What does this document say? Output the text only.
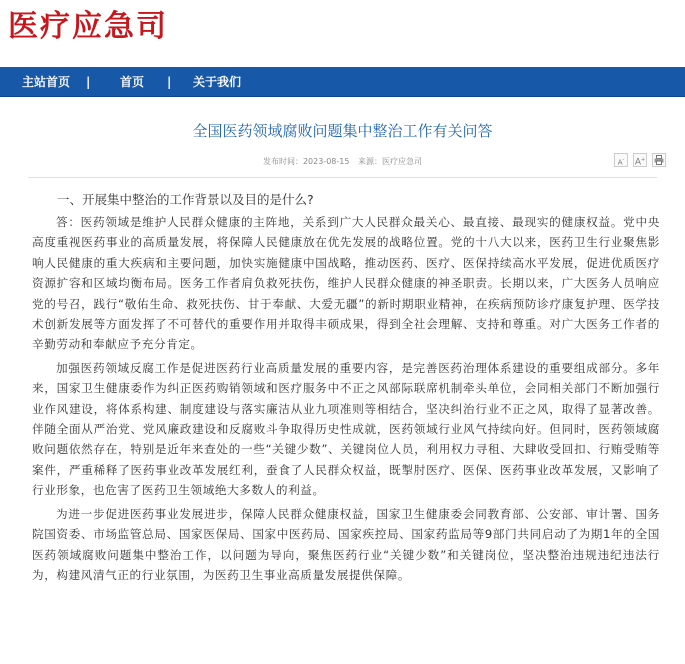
医疗应急司
主站首页 | 首页 | 关于我们
全国医药领域腐败问题集中整治工作有关问答
发布时间：2023-08-15 来源：医疗应急司	A-	A+
一、开展集中整治的工作背景以及目的是什么?

答：医药领域是维护人民群众健康的主阵地，关系到广大人民群众最关心、最直接、最现实的健康权益。党中央高度重视医药事业的高质量发展，将保障人民健康放在优先发展的战略位置。党的十八大以来，医药卫生行业聚焦影响人民健康的重大疾病和主要问题，加快实施健康中国战略，推动医药、医疗、医保持续高水平发展，促进优质医疗资源扩容和区域均衡布局。医务工作者肩负救死扶伤，维护人民群众健康的神圣职责。长期以来，广大医务人员响应党的号召，践行“敬佑生命、救死扶伤、甘于奉献、大爱无疆”的新时期职业精神，在疾病预防诊疗康复护理、医学技术创新发展等方面发挥了不可替代的重要作用并取得丰硕成果，得到全社会理解、支持和尊重。对广大医务工作者的辛勤劳动和奉献应予充分肯定。

加强医药领域反腐工作是促进医药行业高质量发展的重要内容，是完善医药治理体系建设的重要组成部分。多年来，国家卫生健康委作为纠正医药购销领域和医疗服务中不正之风部际联席机制牵头单位，会同相关部门不断加强行业作风建设，将体系构建、制度建设与落实廉洁从业九项准则等相结合，坚决纠治行业不正之风，取得了显著改善。伴随全面从严治党、党风廉政建设和反腐败斗争取得历史性成就，医药领域行业风气持续向好。但同时，医药领域腐败问题依然存在，特别是近年来查处的一些“关键少数”、关键岗位人员，利用权力寻租、大肆收受回扣、行贿受贿等案件，严重稀释了医药事业改革发展红利，蚕食了人民群众权益，既掣肘医疗、医保、医药事业改革发展，又影响了行业形象，也危害了医药卫生领域绝大多数人的利益。

为进一步促进医药事业发展进步，保障人民群众健康权益，国家卫生健康委会同教育部、公安部、审计署、国务院国资委、市场监管总局、国家医保局、国家中医药局、国家疾控局、国家药监局等9部门共同启动了为期1年的全国医药领域腐败问题集中整治工作，以问题为导向，聚焦医药行业“关键少数”和关键岗位，坚决整治违规违纪违法行为，构建风清气正的行业氛围，为医药卫生事业高质量发展提供保障。
